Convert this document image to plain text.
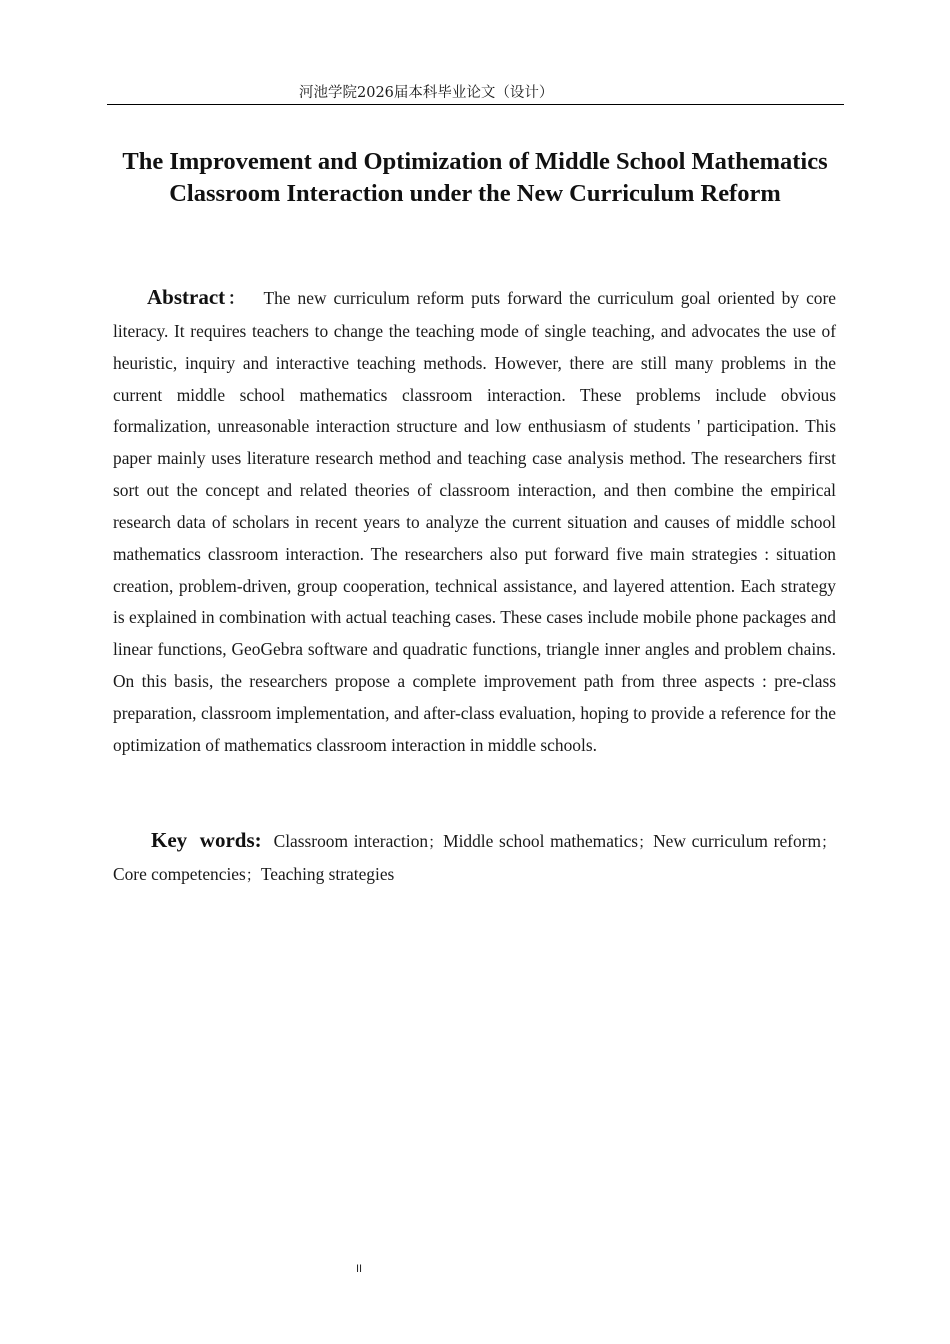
河池学院2026届本科毕业论文（设计）
The Improvement and Optimization of Middle School Mathematics Classroom Interaction under the New Curriculum Reform

Abstract： The new curriculum reform puts forward the curriculum goal oriented by core literacy. It requires teachers to change the teaching mode of single teaching, and advocates the use of heuristic, inquiry and interactive teaching methods. However, there are still many problems in the current middle school mathematics classroom interaction. These problems include obvious formalization, unreasonable interaction structure and low enthusiasm of students ' participation. This paper mainly uses literature research method and teaching case analysis method. The researchers first sort out the concept and related theories of classroom interaction, and then combine the empirical research data of scholars in recent years to analyze the current situation and causes of middle school mathematics classroom interaction. The researchers also put forward five main strategies : situation creation, problem-driven, group cooperation, technical assistance, and layered attention. Each strategy is explained in combination with actual teaching cases. These cases include mobile phone packages and linear functions, GeoGebra software and quadratic functions, triangle inner angles and problem chains. On this basis, the researchers propose a complete improvement path from three aspects : pre-class preparation, classroom implementation, and after-class evaluation, hoping to provide a reference for the optimization of mathematics classroom interaction in middle schools.

Key words: Classroom interaction；Middle school mathematics；New curriculum reform；Core competencies；Teaching strategies

II
